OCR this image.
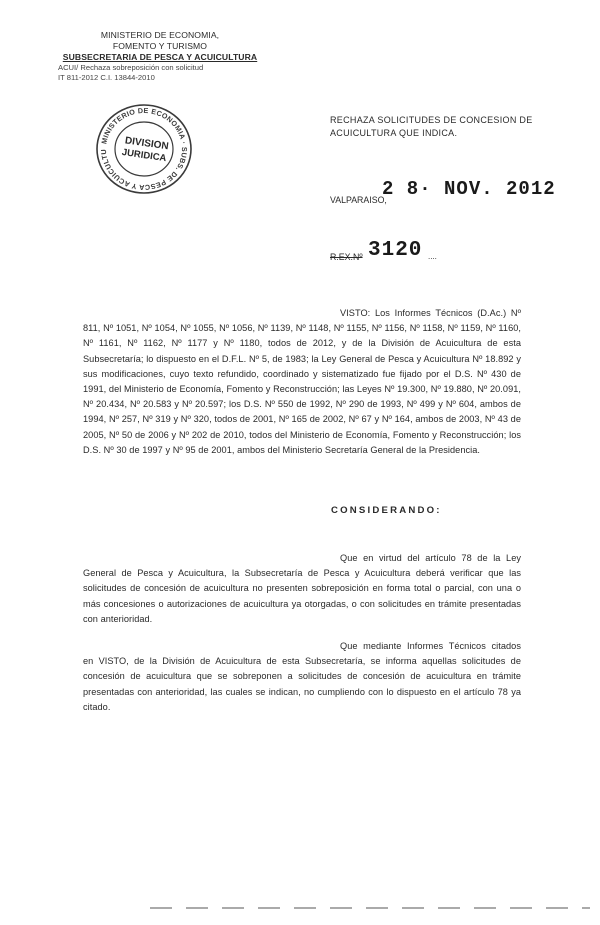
MINISTERIO DE ECONOMIA,
FOMENTO Y TURISMO
SUBSECRETARIA DE PESCA Y ACUICULTURA
ACUI/ Rechaza sobreposición con solicitud
IT 811-2012 C.I. 13844-2010
MINISTERIO DE ECONOMIA · SUBS. DE PESCA Y ACUICULTU	DIVISION
JURIDICA
RECHAZA SOLICITUDES DE CONCESION DE
ACUICULTURA QUE INDICA.
2 8· NOV. 2012
VALPARAISO,
R.EX.Nº 3120 ....
VISTO: Los Informes Técnicos (D.Ac.) Nº 811, Nº 1051, Nº 1054, Nº 1055, Nº 1056, Nº 1139, Nº 1148, Nº 1155, Nº 1156, Nº 1158, Nº 1159, Nº 1160, Nº 1161, Nº 1162, Nº 1177 y Nº 1180, todos de 2012, y de la División de Acuicultura de esta Subsecretaría; lo dispuesto en el D.F.L. Nº 5, de 1983; la Ley General de Pesca y Acuicultura Nº 18.892 y sus modificaciones, cuyo texto refundido, coordinado y sistematizado fue fijado por el D.S. Nº 430 de 1991, del Ministerio de Economía, Fomento y Reconstrucción; las Leyes Nº 19.300, Nº 19.880, Nº 20.091, Nº 20.434, Nº 20.583 y Nº 20.597; los D.S. Nº 550 de 1992, Nº 290 de 1993, Nº 499 y Nº 604, ambos de 1994, Nº 257, Nº 319 y Nº 320, todos de 2001, Nº 165 de 2002, Nº 67 y Nº 164, ambos de 2003, Nº 43 de 2005, Nº 50 de 2006 y Nº 202 de 2010, todos del Ministerio de Economía, Fomento y Reconstrucción; los D.S. Nº 30 de 1997 y Nº 95 de 2001, ambos del Ministerio Secretaría General de la Presidencia.
CONSIDERANDO:
Que en virtud del artículo 78 de la Ley General de Pesca y Acuicultura, la Subsecretaría de Pesca y Acuicultura deberá verificar que las solicitudes de concesión de acuicultura no presenten sobreposición en forma total o parcial, con una o más concesiones o autorizaciones de acuicultura ya otorgadas, o con solicitudes en trámite presentadas con anterioridad.
Que mediante Informes Técnicos citados en VISTO, de la División de Acuicultura de esta Subsecretaría, se informa aquellas solicitudes de concesión de acuicultura que se sobreponen a solicitudes de concesión de acuicultura en trámite presentadas con anterioridad, las cuales se indican, no cumpliendo con lo dispuesto en el artículo 78 ya citado.
